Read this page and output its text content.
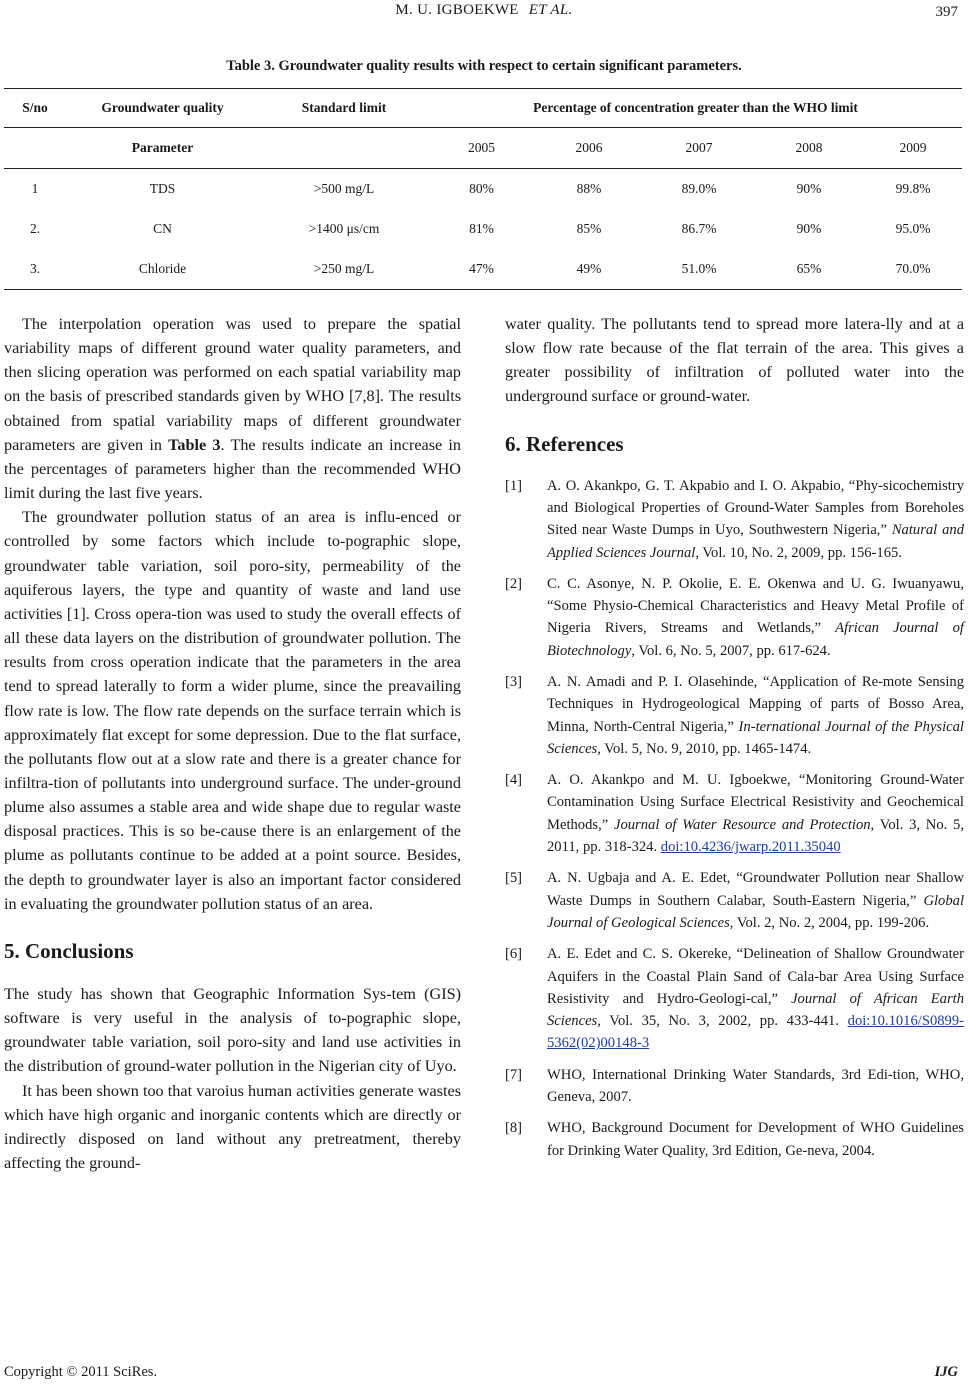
M. U. IGBOEKWE ET AL.	397
Table 3. Groundwater quality results with respect to certain significant parameters.
S/no	Groundwater quality	Standard limit	Percentage of concentration greater than the WHO limit				
	Parameter		2005	2006	2007	2008	2009
1	TDS	>500 mg/L	80%	88%	89.0%	90%	99.8%
2.	CN	>1400 μs/cm	81%	85%	86.7%	90%	95.0%
3.	Chloride	>250 mg/L	47%	49%	51.0%	65%	70.0%

The interpolation operation was used to prepare the spatial variability maps of different ground water quality parameters, and then slicing operation was performed on each spatial variability map on the basis of prescribed standards given by WHO [7,8]. The results obtained from spatial variability maps of different groundwater parameters are given in Table 3. The results indicate an increase in the percentages of parameters higher than the recommended WHO limit during the last five years.

The groundwater pollution status of an area is influ-enced or controlled by some factors which include to-pographic slope, groundwater table variation, soil poro-sity, permeability of the aquiferous layers, the type and quantity of waste and land use activities [1]. Cross opera-tion was used to study the overall effects of all these data layers on the distribution of groundwater pollution. The results from cross operation indicate that the parameters in the area tend to spread laterally to form a wider plume, since the preavailing flow rate is low. The flow rate depends on the surface terrain which is approximately flat except for some depression. Due to the flat surface, the pollutants flow out at a slow rate and there is a greater chance for infiltra-tion of pollutants into underground surface. The under-ground plume also assumes a stable area and wide shape due to regular waste disposal practices. This is so be-cause there is an enlargement of the plume as pollutants continue to be added at a point source. Besides, the depth to groundwater layer is also an important factor considered in evaluating the groundwater pollution status of an area.

5. Conclusions

The study has shown that Geographic Information Sys-tem (GIS) software is very useful in the analysis of to-pographic slope, groundwater table variation, soil poro-sity and land use activities in the distribution of ground-water pollution in the Nigerian city of Uyo.

It has been shown too that varoius human activities generate wastes which have high organic and inorganic contents which are directly or indirectly disposed on land without any pretreatment, thereby affecting the ground-

water quality. The pollutants tend to spread more latera-lly and at a slow flow rate because of the flat terrain of the area. This gives a greater possibility of infiltration of polluted water into the underground surface or ground-water.

6. References
[1] A. O. Akankpo, G. T. Akpabio and I. O. Akpabio, “Phy-sicochemistry and Biological Properties of Ground-Water Samples from Boreholes Sited near Waste Dumps in Uyo, Southwestern Nigeria,” Natural and Applied Sciences Journal, Vol. 10, No. 2, 2009, pp. 156-165.
[2] C. C. Asonye, N. P. Okolie, E. E. Okenwa and U. G. Iwuanyawu, “Some Physio-Chemical Characteristics and Heavy Metal Profile of Nigeria Rivers, Streams and Wetlands,” African Journal of Biotechnology, Vol. 6, No. 5, 2007, pp. 617-624.
[3] A. N. Amadi and P. I. Olasehinde, “Application of Re-mote Sensing Techniques in Hydrogeological Mapping of parts of Bosso Area, Minna, North-Central Nigeria,” In-ternational Journal of the Physical Sciences, Vol. 5, No. 9, 2010, pp. 1465-1474.
[4] A. O. Akankpo and M. U. Igboekwe, “Monitoring Ground-Water Contamination Using Surface Electrical Resistivity and Geochemical Methods,” Journal of Water Resource and Protection, Vol. 3, No. 5, 2011, pp. 318-324. doi:10.4236/jwarp.2011.35040
[5] A. N. Ugbaja and A. E. Edet, “Groundwater Pollution near Shallow Waste Dumps in Southern Calabar, South-Eastern Nigeria,” Global Journal of Geological Sciences, Vol. 2, No. 2, 2004, pp. 199-206.
[6] A. E. Edet and C. S. Okereke, “Delineation of Shallow Groundwater Aquifers in the Coastal Plain Sand of Cala-bar Area Using Surface Resistivity and Hydro-Geologi-cal,” Journal of African Earth Sciences, Vol. 35, No. 3, 2002, pp. 433-441. doi:10.1016/S0899-5362(02)00148-3
[7] WHO, International Drinking Water Standards, 3rd Edi-tion, WHO, Geneva, 2007.
[8] WHO, Background Document for Development of WHO Guidelines for Drinking Water Quality, 3rd Edition, Ge-neva, 2004.
Copyright © 2011 SciRes.	IJG
